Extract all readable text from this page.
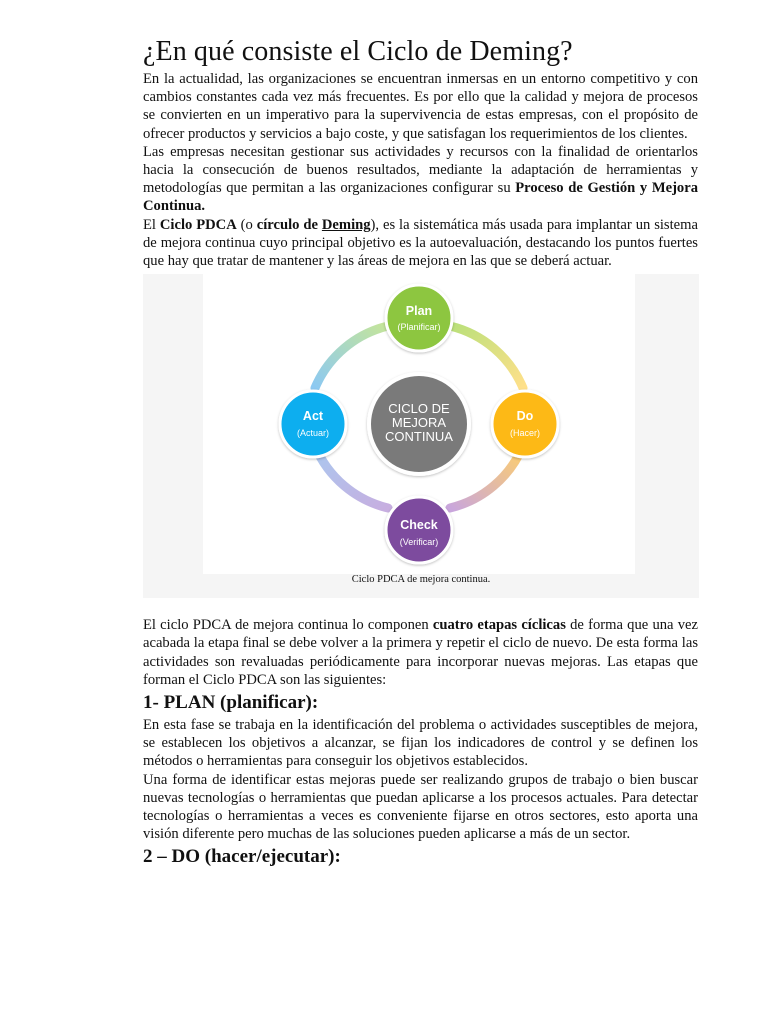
¿En qué consiste el Ciclo de Deming?

En la actualidad, las organizaciones se encuentran inmersas en un entorno competitivo y con cambios constantes cada vez más frecuentes. Es por ello que la calidad y mejora de procesos se convierten en un imperativo para la supervivencia de estas empresas, con el propósito de ofrecer productos y servicios a bajo coste, y que satisfagan los requerimientos de los clientes.

Las empresas necesitan gestionar sus actividades y recursos con la finalidad de orientarlos hacia la consecución de buenos resultados, mediante la adaptación de herramientas y metodologías que permitan a las organizaciones configurar su Proceso de Gestión y Mejora Continua.

El Ciclo PDCA (o círculo de Deming), es la sistemática más usada para implantar un sistema de mejora continua cuyo principal objetivo es la autoevaluación, destacando los puntos fuertes que hay que tratar de mantener y las áreas de mejora en las que se deberá actuar.

CICLO DE
MEJORA
CONTINUA
Plan
(Planificar)
Do
(Hacer)
Check
(Verificar)
Act
(Actuar)
Ciclo PDCA de mejora continua.

El ciclo PDCA de mejora continua lo componen cuatro etapas cíclicas de forma que una vez acabada la etapa final se debe volver a la primera y repetir el ciclo de nuevo. De esta forma las actividades son revaluadas periódicamente para incorporar nuevas mejoras. Las etapas que forman el Ciclo PDCA son las siguientes:

1- PLAN (planificar):

En esta fase se trabaja en la identificación del problema o actividades susceptibles de mejora, se establecen los objetivos a alcanzar, se fijan los indicadores de control y se definen los métodos o herramientas para conseguir los objetivos establecidos.

Una forma de identificar estas mejoras puede ser realizando grupos de trabajo o bien buscar nuevas tecnologías o herramientas que puedan aplicarse a los procesos actuales. Para detectar tecnologías o herramientas a veces es conveniente fijarse en otros sectores, esto aporta una visión diferente pero muchas de las soluciones pueden aplicarse a más de un sector.

2 – DO (hacer/ejecutar):
